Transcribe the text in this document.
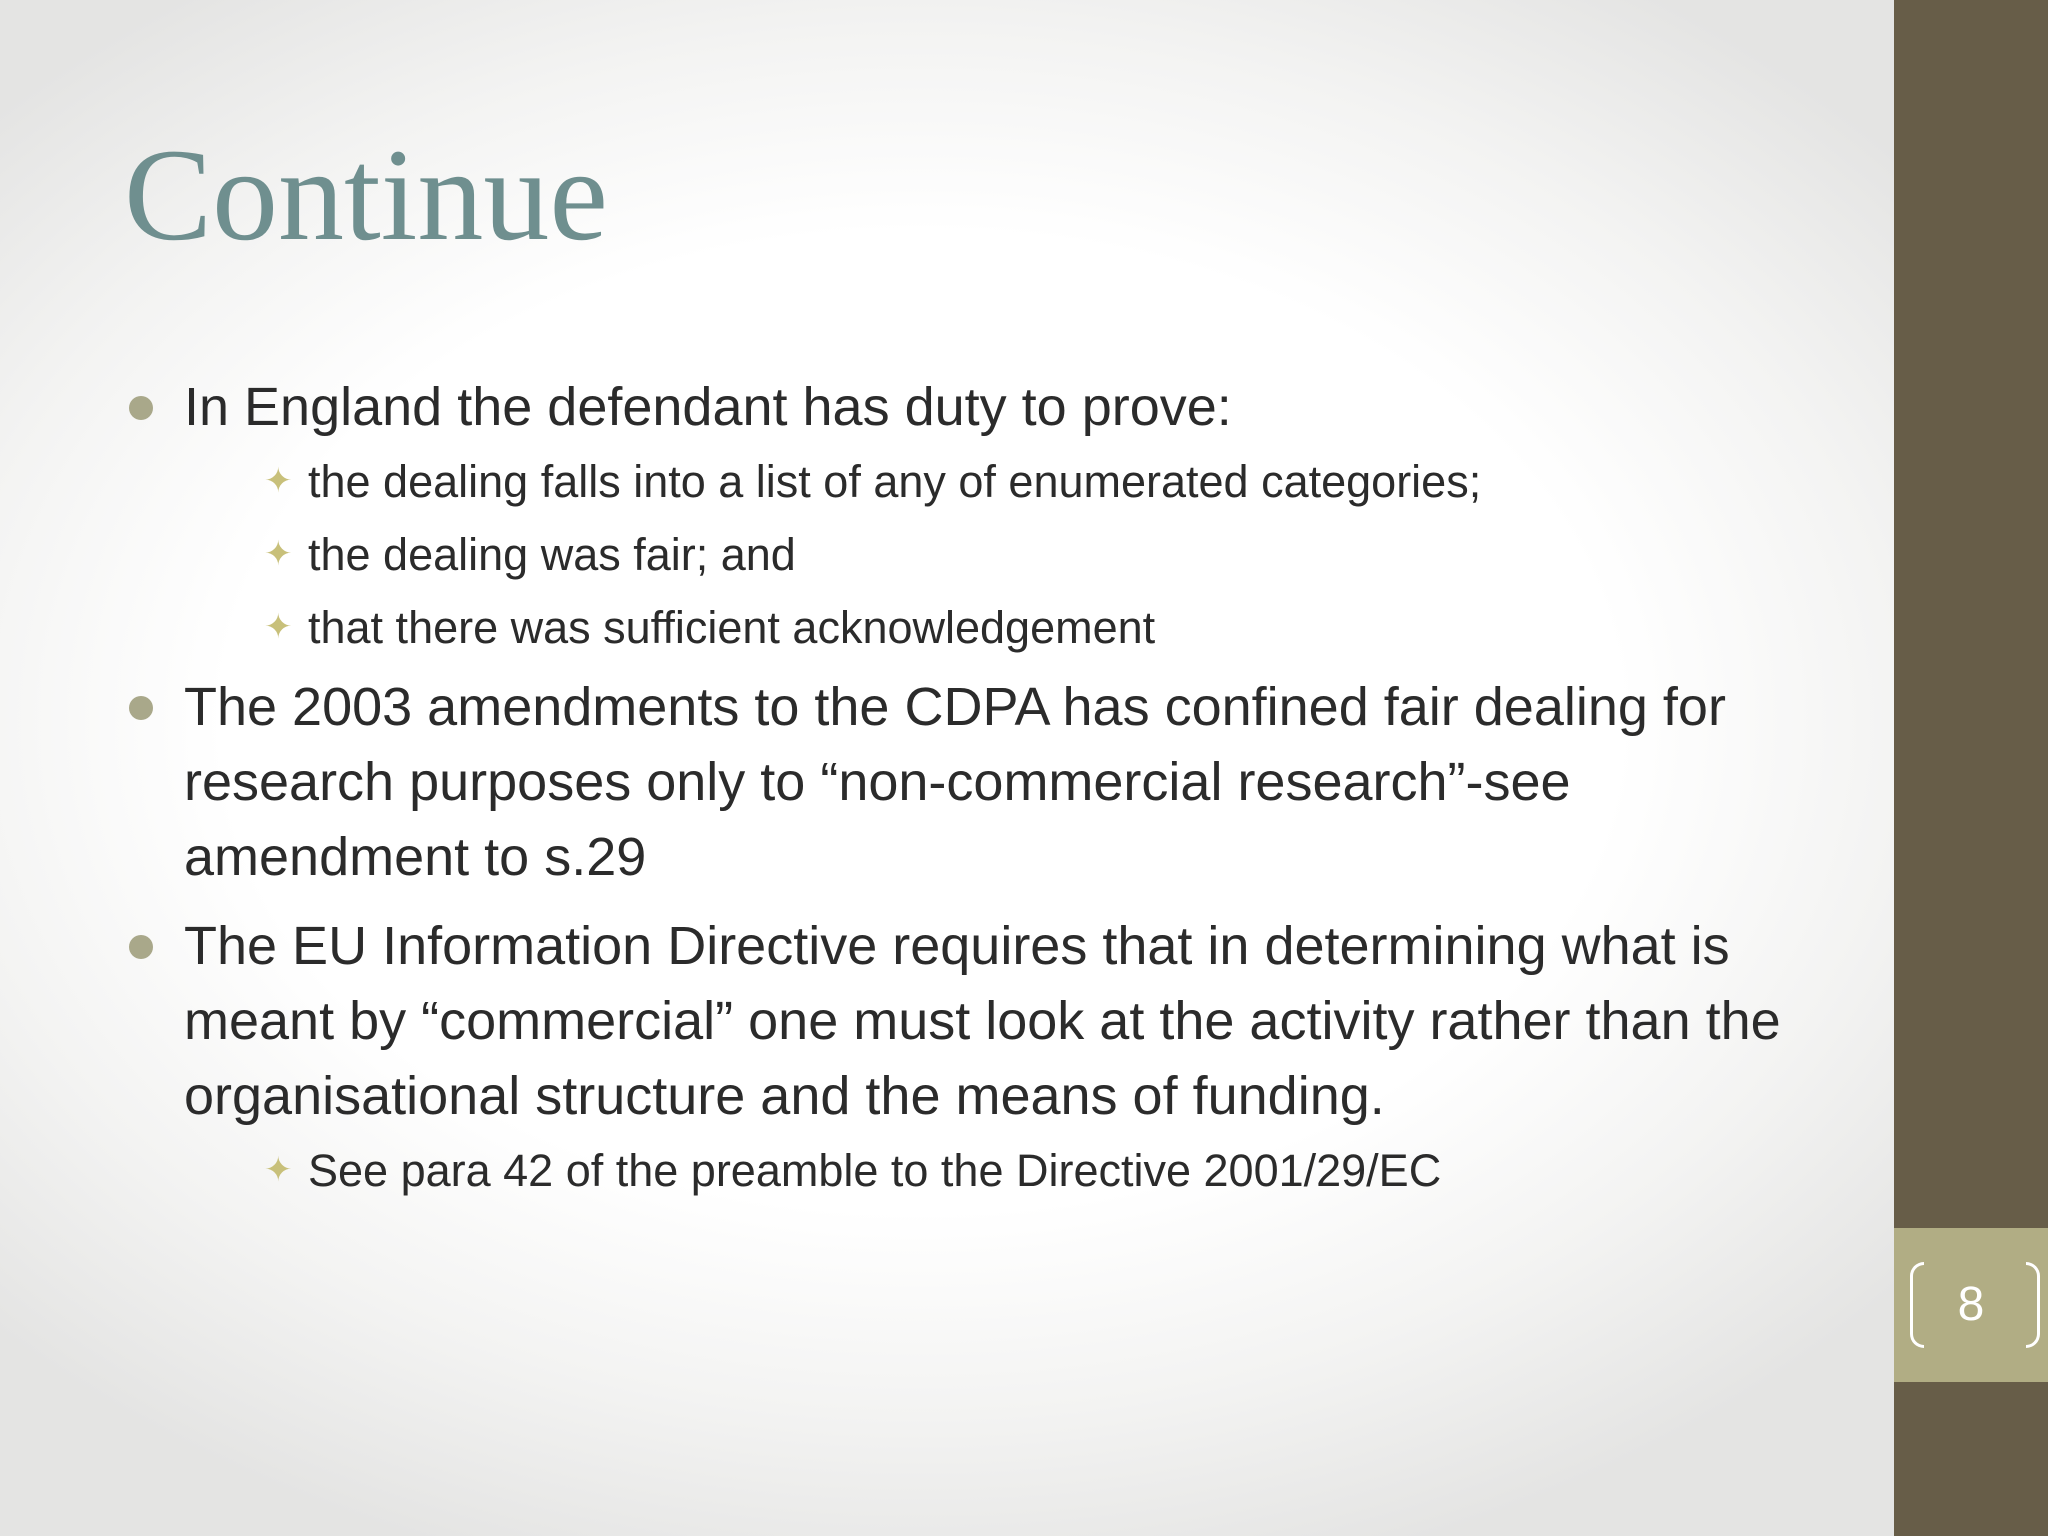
Continue

In England the defendant has duty to prove:

✦ the dealing falls into a list of any of enumerated categories;

✦ the dealing was fair; and

✦ that there was sufficient acknowledgement

The 2003 amendments to the CDPA has confined fair dealing for research purposes only to “non-commercial research”-see amendment to s.29

The EU Information Directive requires that in determining what is meant by “commercial” one must look at the activity rather than the organisational structure and the means of funding.

✦ See para 42 of the preamble to the Directive 2001/29/EC

8
